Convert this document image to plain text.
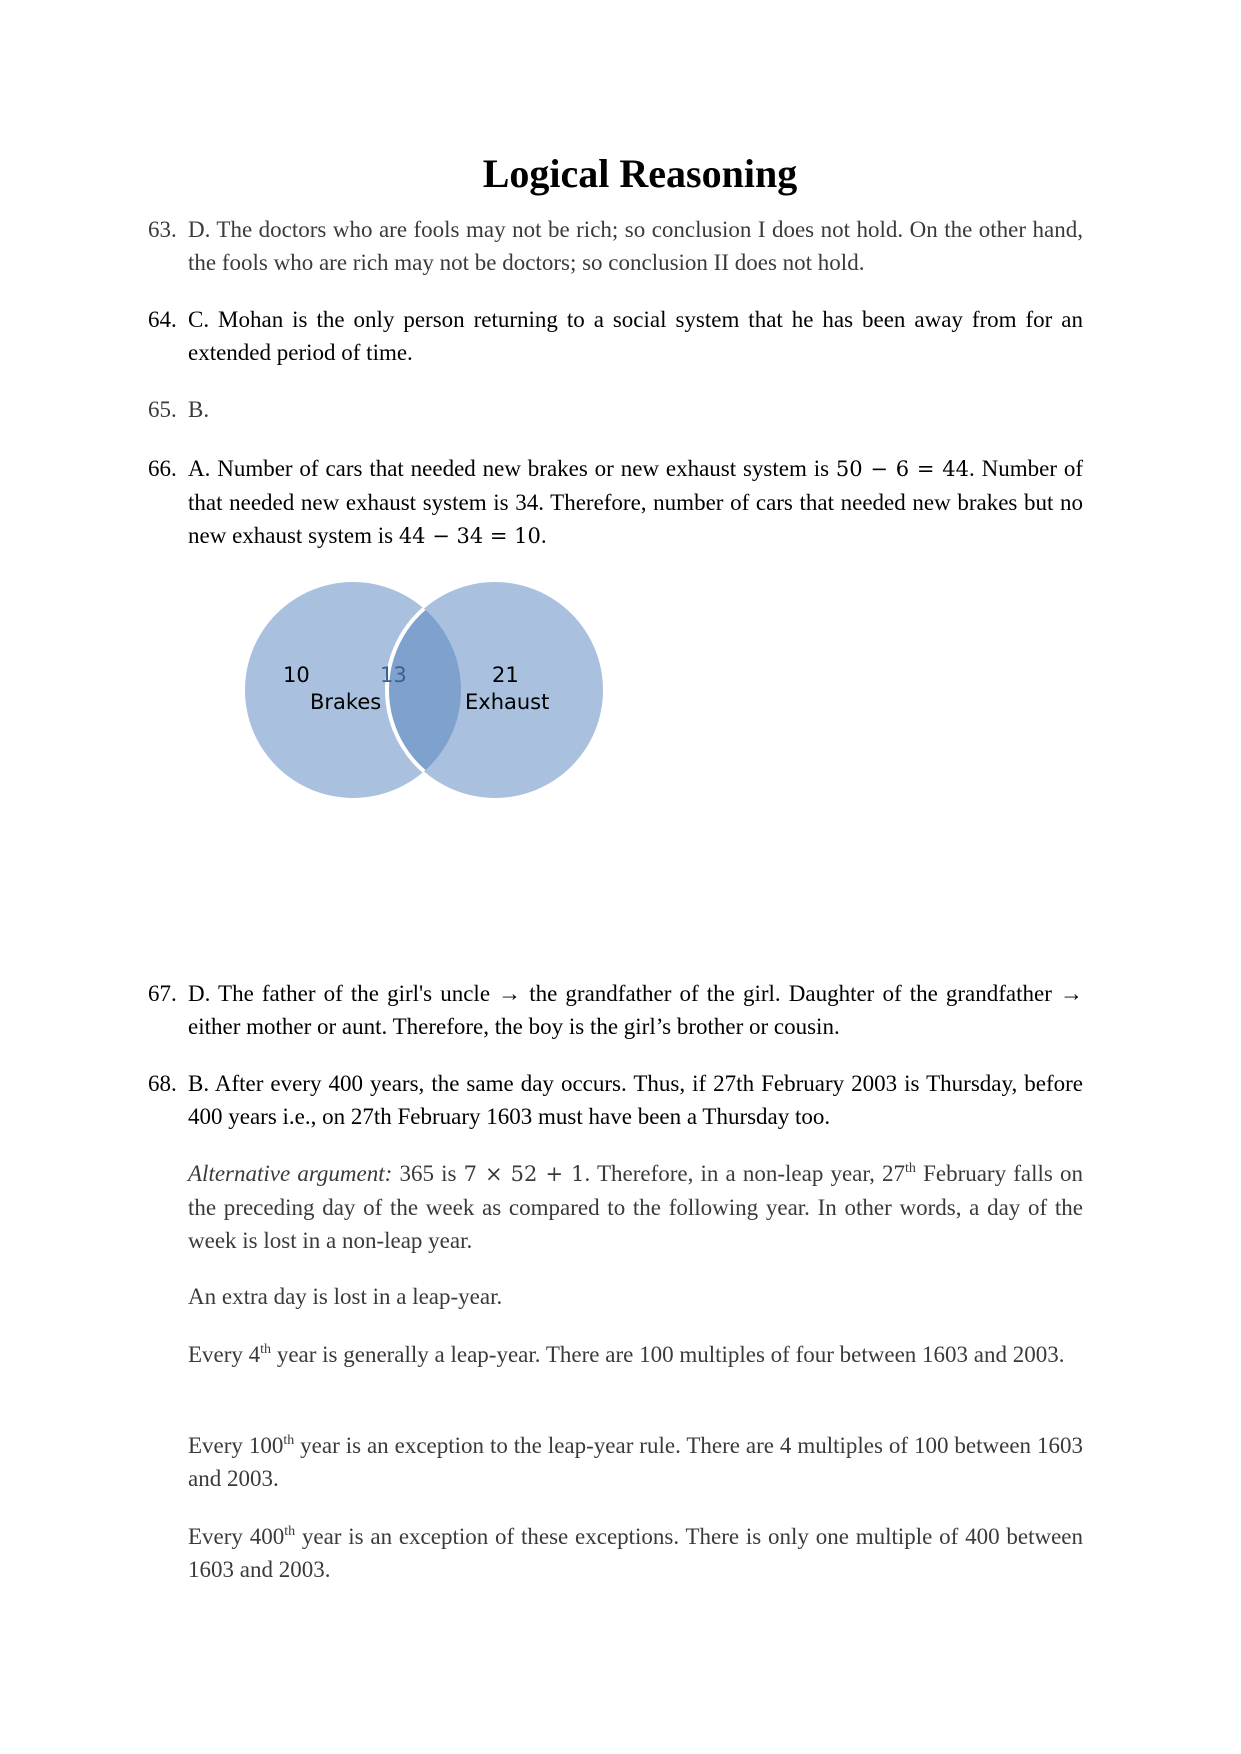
Logical Reasoning
63. D. The doctors who are fools may not be rich; so conclusion I does not hold. On the other hand, the fools who are rich may not be doctors; so conclusion II does not hold.
64. C. Mohan is the only person returning to a social system that he has been away from for an extended period of time.
65. B.
66. A. Number of cars that needed new brakes or new exhaust system is 50 − 6 = 44. Number of that needed new exhaust system is 34. Therefore, number of cars that needed new brakes but no new exhaust system is 44 − 34 = 10.
10
Brakes
13	21
Exhaust
67. D. The father of the girl's uncle → the grandfather of the girl. Daughter of the grandfather → either mother or aunt. Therefore, the boy is the girl’s brother or cousin.
68. B. After every 400 years, the same day occurs. Thus, if 27th February 2003 is Thursday, before 400 years i.e., on 27th February 1603 must have been a Thursday too.
Alternative argument: 365 is 7 × 52 + 1. Therefore, in a non-leap year, 27th February falls on the preceding day of the week as compared to the following year. In other words, a day of the week is lost in a non-leap year.
An extra day is lost in a leap-year.
Every 4th year is generally a leap-year. There are 100 multiples of four between 1603 and 2003.
Every 100th year is an exception to the leap-year rule. There are 4 multiples of 100 between 1603 and 2003.
Every 400th year is an exception of these exceptions. There is only one multiple of 400 between 1603 and 2003.
